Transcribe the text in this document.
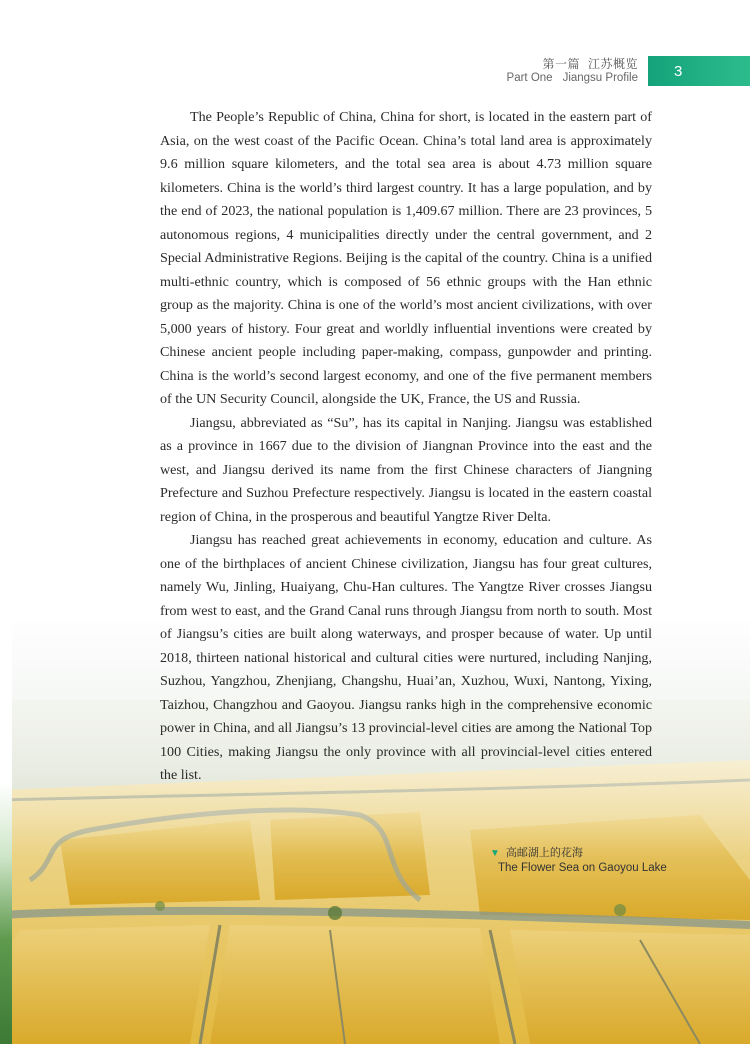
第一篇 江苏概览
Part One Jiangsu Profile 3

The People’s Republic of China, China for short, is located in the eastern part of Asia, on the west coast of the Pacific Ocean. China’s total land area is approximately 9.6 million square kilometers, and the total sea area is about 4.73 million square kilometers. China is the world’s third largest country. It has a large population, and by the end of 2023, the national population is 1,409.67 million. There are 23 provinces, 5 autonomous regions, 4 municipalities directly under the central government, and 2 Special Administrative Regions. Beijing is the capital of the country. China is a unified multi-ethnic country, which is composed of 56 ethnic groups with the Han ethnic group as the majority. China is one of the world’s most ancient civilizations, with over 5,000 years of history. Four great and worldly influential inventions were created by Chinese ancient people including paper-making, compass, gunpowder and printing. China is the world’s second largest economy, and one of the five permanent members of the UN Security Council, alongside the UK, France, the US and Russia.

Jiangsu, abbreviated as “Su”, has its capital in Nanjing. Jiangsu was established as a province in 1667 due to the division of Jiangnan Province into the east and the west, and Jiangsu derived its name from the first Chinese characters of Jiangning Prefecture and Suzhou Prefecture respectively. Jiangsu is located in the eastern coastal region of China, in the prosperous and beautiful Yangtze River Delta.

Jiangsu has reached great achievements in economy, education and culture. As one of the birthplaces of ancient Chinese civilization, Jiangsu has four great cultures, namely Wu, Jinling, Huaiyang, Chu-Han cultures. The Yangtze River crosses Jiangsu from west to east, and the Grand Canal runs through Jiangsu from north to south. Most of Jiangsu’s cities are built along waterways, and prosper because of water. Up until 2018, thirteen national historical and cultural cities were nurtured, including Nanjing, Suzhou, Yangzhou, Zhenjiang, Changshu, Huai’an, Xuzhou, Wuxi, Nantong, Yixing, Taizhou, Changzhou and Gaoyou. Jiangsu ranks high in the comprehensive economic power in China, and all Jiangsu’s 13 provincial-level cities are among the National Top 100 Cities, making Jiangsu the only province with all provincial-level cities entered the list.

▼ 高邮湖上的花海
The Flower Sea on Gaoyou Lake
